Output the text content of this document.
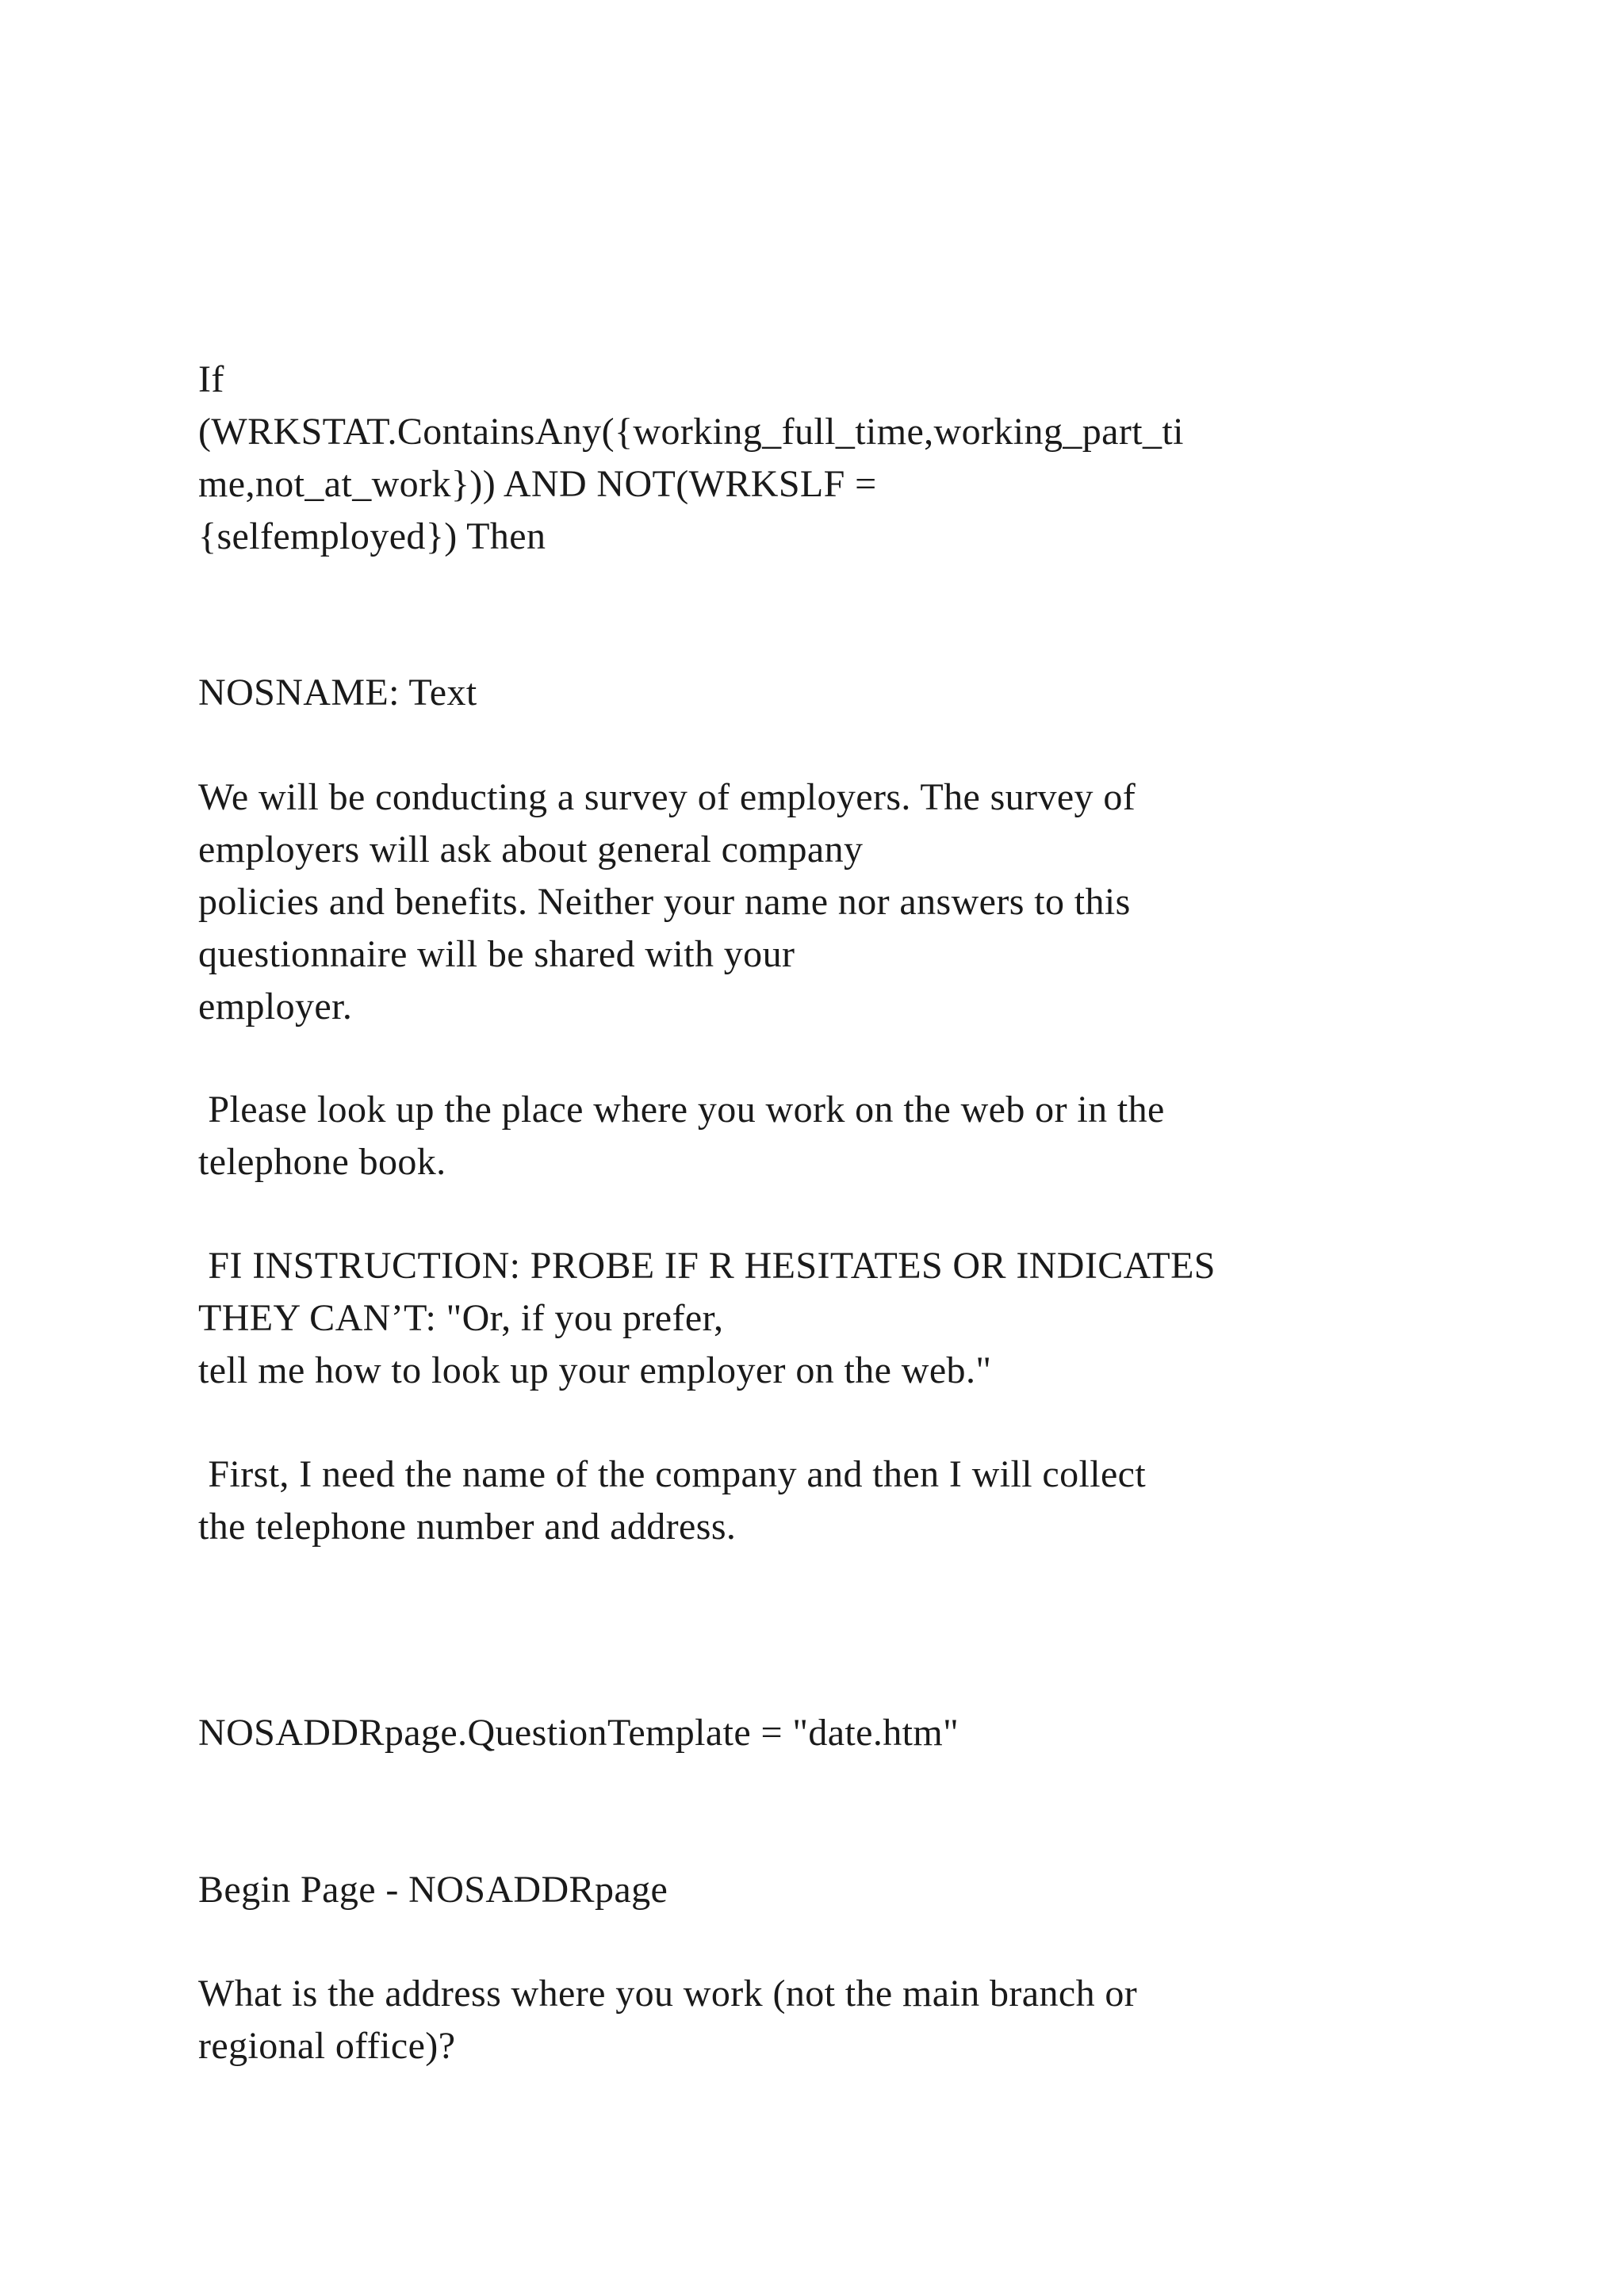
If

(WRKSTAT.ContainsAny({working_full_time,working_part_ti

me,not_at_work})) AND NOT(WRKSLF =

{selfemployed}) Then

NOSNAME: Text

We will be conducting a survey of employers. The survey of

employers will ask about general company

policies and benefits. Neither your name nor answers to this

questionnaire will be shared with your

employer.

Please look up the place where you work on the web or in the

telephone book.

FI INSTRUCTION: PROBE IF R HESITATES OR INDICATES

THEY CAN’T: "Or, if you prefer,

tell me how to look up your employer on the web."

First, I need the name of the company and then I will collect

the telephone number and address.

NOSADDRpage.QuestionTemplate = "date.htm"

Begin Page - NOSADDRpage

What is the address where you work (not the main branch or

regional office)?
